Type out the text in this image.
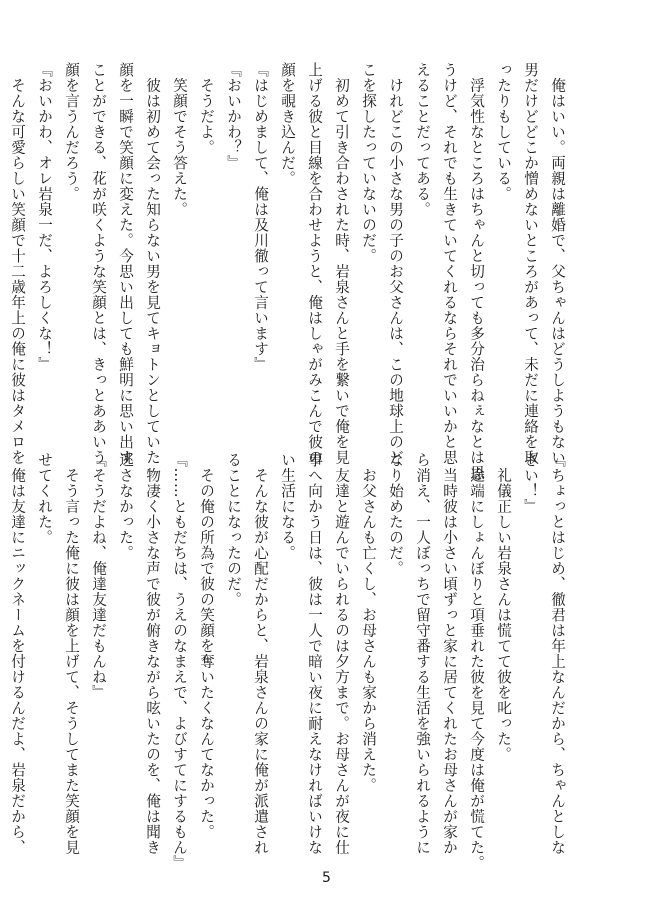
　俺はいい。両親は離婚で、父ちゃんはどうしようもない
男だけどどこか憎めないところがあって、未だに連絡を取
ったりもしている。
　浮気性なところはちゃんと切っても多分治らねぇなとは思
うけど、それでも生きていてくれるならそれでいいかと思
えることだってある。
　けれどこの小さな男の子のお父さんは、この地球上のど
こを探したっていないのだ。
　初めて引き合わされた時、岩泉さんと手を繋いで俺を見
上げる彼と目線を合わせようと、俺はしゃがみこんで彼の
顔を覗き込んだ。
『はじめまして、俺は及川徹って言います』
『おいかわ？』
　そうだよ。
　笑顔でそう答えた。
　彼は初めて会った知らない男を見てキョトンとしていた
顔を一瞬で笑顔に変えた。今思い出しても鮮明に思い出す
ことができる、花が咲くような笑顔とは、きっとああいう
顔を言うんだろう。
『おいかわ、オレ岩泉一だ、よろしくな！』
　そんな可愛らしい笑顔で十二歳年上の俺に彼はタメロを
『ちょっとはじめ、徹君は年上なんだから、ちゃんとしな
さい！』
　礼儀正しい岩泉さんは慌てて彼を叱った。
　途端にしょんぼりと項垂れた彼を見て今度は俺が慌てた。
　当時彼は小さい頃ずっと家に居てくれたお母さんが家か
ら消え、一人ぼっちで留守番する生活を強いられるように
なり始めたのだ。
　お父さんも亡くし、お母さんも家から消えた。
　友達と遊んでいられるのは夕方まで。お母さんが夜に仕
事へ向かう日は、彼は一人で暗い夜に耐えなければいけな
い生活になる。
　そんな彼が心配だからと、岩泉さんの家に俺が派遣され
ることになったのだ。
　その俺の所為で彼の笑顔を奪いたくなんてなかった。
『……ともだちは、うえのなまえで、よびすてにするもん』
　物凄く小さな声で彼が俯きながら呟いたのを、俺は聞き
逃さなかった。
『そうだよね、俺達友達だもんね』
　そう言った俺に彼は顔を上げて、そうしてまた笑顔を見
せてくれた。
　俺は友達にニックネームを付けるんだよ、岩泉だから、
5
